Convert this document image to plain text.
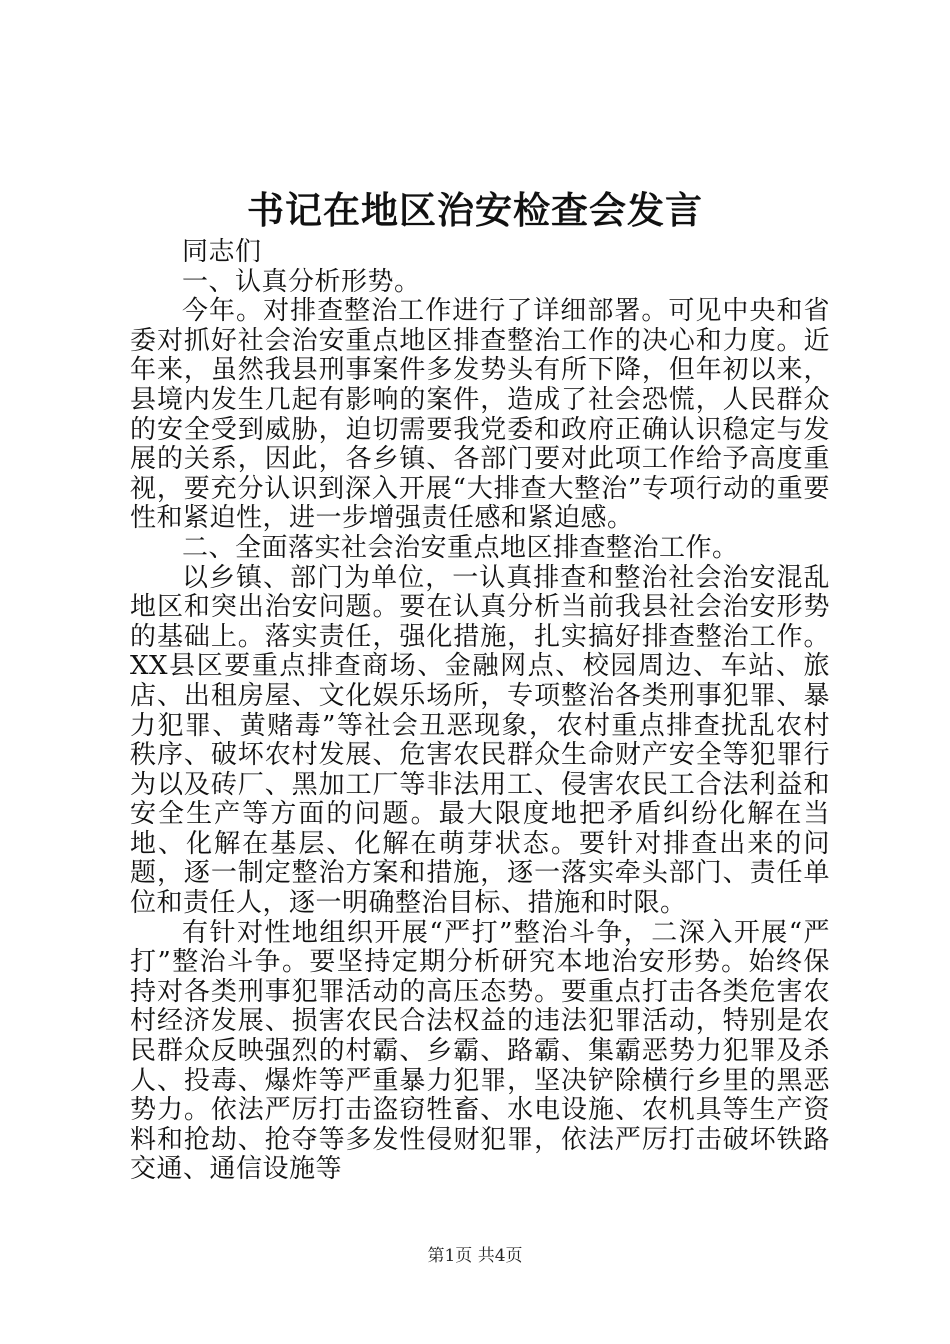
书记在地区治安检查会发言

同志们

一、认真分析形势。

今年。对排查整治工作进行了详细部署。可见中央和省委对抓好社会治安重点地区排查整治工作的决心和力度。近年来，虽然我县刑事案件多发势头有所下降，但年初以来，县境内发生几起有影响的案件，造成了社会恐慌，人民群众的安全受到威胁，迫切需要我党委和政府正确认识稳定与发展的关系，因此，各乡镇、各部门要对此项工作给予高度重视，要充分认识到深入开展“大排查大整治”专项行动的重要性和紧迫性，进一步增强责任感和紧迫感。

二、全面落实社会治安重点地区排查整治工作。

以乡镇、部门为单位，一认真排查和整治社会治安混乱地区和突出治安问题。要在认真分析当前我县社会治安形势的基础上。落实责任，强化措施，扎实搞好排查整治工作。XX县区要重点排查商场、金融网点、校园周边、车站、旅店、出租房屋、文化娱乐场所，专项整治各类刑事犯罪、暴力犯罪、黄赌毒”等社会丑恶现象，农村重点排查扰乱农村秩序、破坏农村发展、危害农民群众生命财产安全等犯罪行为以及砖厂、黑加工厂等非法用工、侵害农民工合法利益和安全生产等方面的问题。最大限度地把矛盾纠纷化解在当地、化解在基层、化解在萌芽状态。要针对排查出来的问题，逐一制定整治方案和措施，逐一落实牵头部门、责任单位和责任人，逐一明确整治目标、措施和时限。

有针对性地组织开展“严打”整治斗争，二深入开展“严打”整治斗争。要坚持定期分析研究本地治安形势。始终保持对各类刑事犯罪活动的高压态势。要重点打击各类危害农村经济发展、损害农民合法权益的违法犯罪活动，特别是农民群众反映强烈的村霸、乡霸、路霸、集霸恶势力犯罪及杀人、投毒、爆炸等严重暴力犯罪，坚决铲除横行乡里的黑恶势力。依法严厉打击盗窃牲畜、水电设施、农机具等生产资料和抢劫、抢夺等多发性侵财犯罪，依法严厉打击破坏铁路交通、通信设施等

第1页 共4页
